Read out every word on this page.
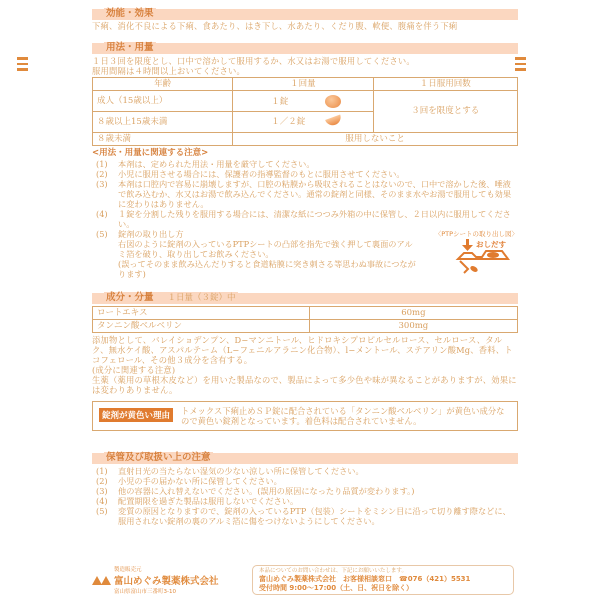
効能・効果
下痢、消化不良による下痢、食あたり、はき下し、水あたり、くだり腹、軟便、腹痛を伴う下痢
用法・用量
１日３回を限度とし、口中で溶かして服用するか、水又はお湯で服用してください。
服用間隔は４時間以上おいてください。
年齢	１回量	１日服用回数
成人（15歳以上）	１錠	３回を限度とする
８歳以上15歳未満	１／２錠	
８歳未満	服用しないこと	
<用法・用量に関連する注意>
(1)	本剤は、定められた用法・用量を厳守してください。
(2)	小児に服用させる場合には、保護者の指導監督のもとに服用させてください。
(3)	本剤は口腔内で容易に崩壊しますが、口腔の粘膜から吸収されることはないので、口中で溶かした後、唾液で飲み込むか、水又はお湯で飲み込んでください。通常の錠剤と同様、そのまま水やお湯で服用しても効果に変わりはありません。
(4)	１錠を分割した残りを服用する場合には、清潔な紙につつみ外箱の中に保管し、２日以内に服用してください。
(5)	錠剤の取り出し方
右図のように錠剤の入っているPTPシートの凸部を指先で強く押して裏面のアルミ箔を破り、取り出してお飲みください。
(誤ってそのまま飲み込んだりすると食道粘膜に突き刺さる等思わぬ事故につながります)
〈PTPシートの取り出し図〉
おしだす
成分・分量 １日量（３錠）中
ロートエキス	60mg
タンニン酸ベルベリン	300mg
添加物として、バレイショデンプン、D−マンニトール、ヒドロキシプロピルセルロース、セルロース、タルク、無水ケイ酸、アスパルテーム（L−フェニルアラニン化合物）、l−メントール、ステアリン酸Mg、香料、トコフェロール、その他３成分を含有する。
(成分に関連する注意)
生薬（薬用の草根木皮など）を用いた製品なので、製品によって多少色や味が異なることがありますが、効果には変わりありません。
錠剤が黄色い理由	トメックス下痢止めＳＰ錠に配合されている「タンニン酸ベルベリン」が黄色い成分なので黄色い錠剤となっています。着色料は配合されていません。
保管及び取扱い上の注意
(1)	直射日光の当たらない湿気の少ない涼しい所に保管してください。
(2)	小児の手の届かない所に保管してください。
(3)	他の容器に入れ替えないでください。(誤用の原因になったり品質が変わります。)
(4)	配置期限を過ぎた製品は服用しないでください。
(5)	変質の原因となりますので、錠剤の入っているPTP（包装）シートをミシン目に沿って切り離す際などに、服用されない錠剤の裏のアルミ箔に傷をつけないようにしてください。
製造販売元
富山めぐみ製薬株式会社
富山県富山市三番町3-10
本品についてのお問い合わせは、下記にお願いいたします。
富山めぐみ製薬株式会社　お客様相談窓口　☎076（421）5531
受付時間 9:00〜17:00（土、日、祝日を除く）
